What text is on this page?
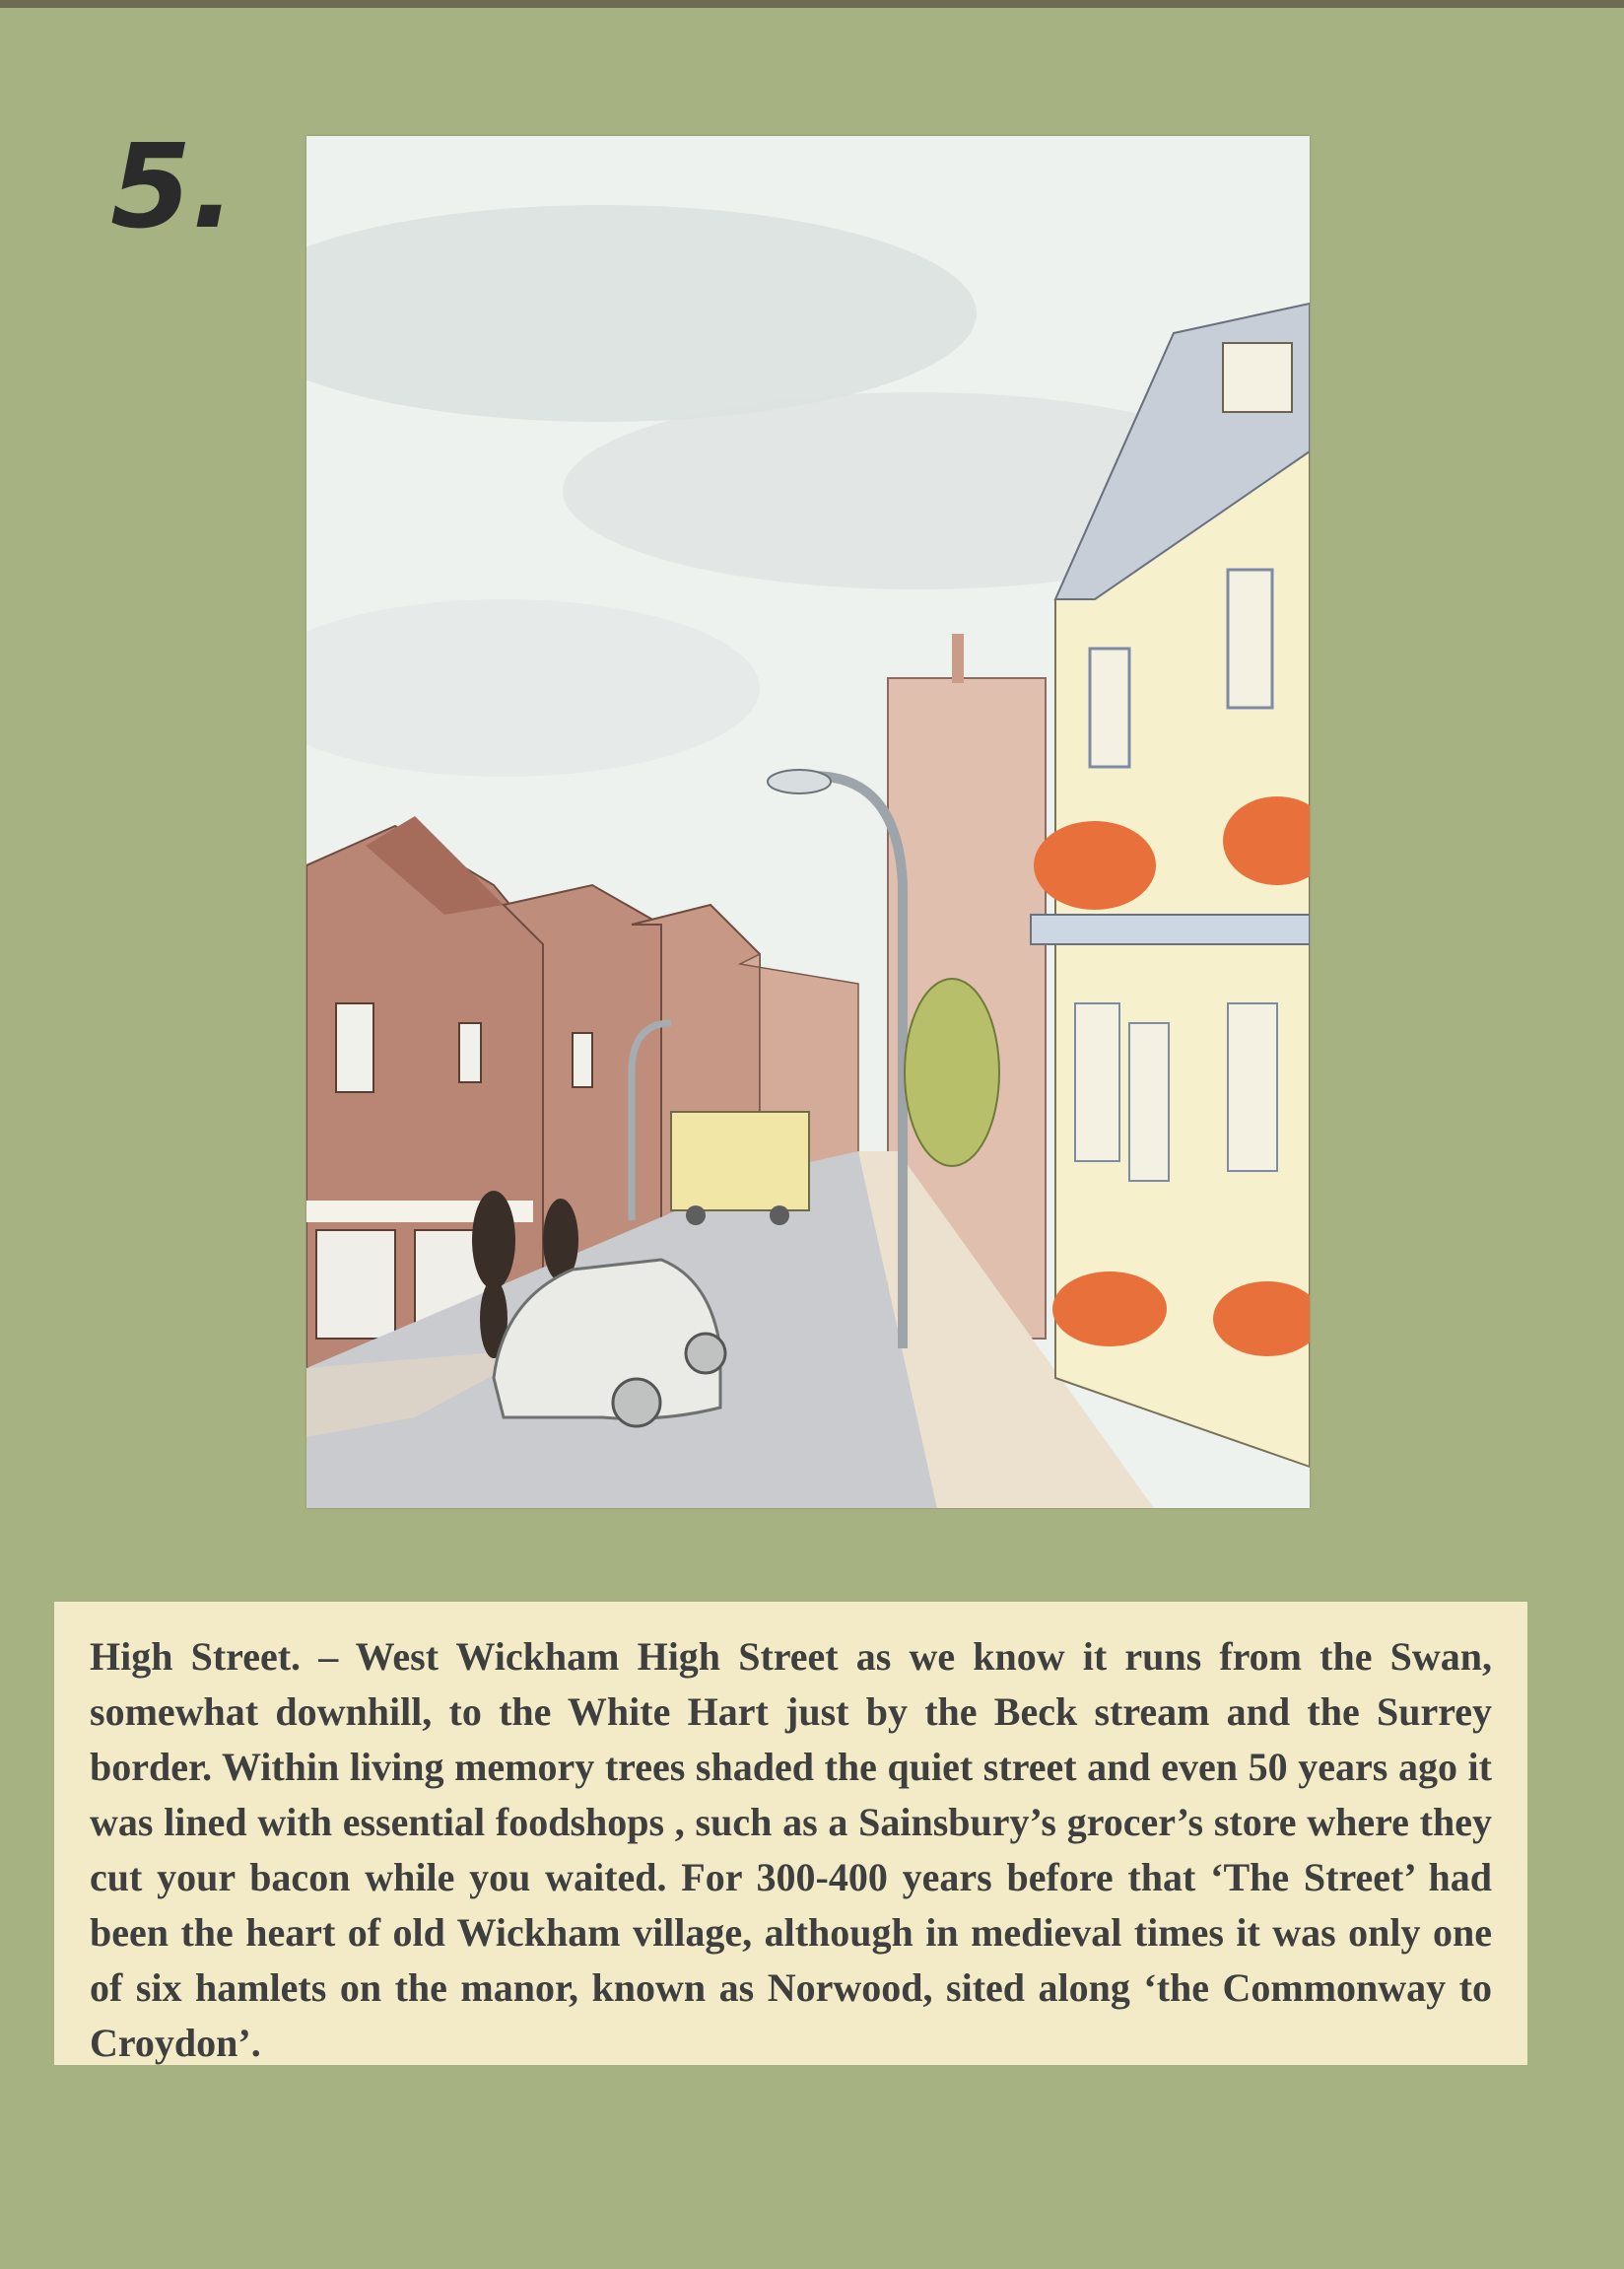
5.

High Street. – West Wickham High Street as we know it runs from the Swan, somewhat downhill, to the White Hart just by the Beck stream and the Surrey border. Within living memory trees shaded the quiet street and even 50 years ago it was lined with essential foodshops , such as a Sainsbury’s grocer’s store where they cut your bacon while you waited. For 300-400 years before that ‘The Street’ had been the heart of old Wickham village, although in medieval times it was only one of six hamlets on the manor, known as Norwood, sited along ‘the Commonway to Croydon’.
